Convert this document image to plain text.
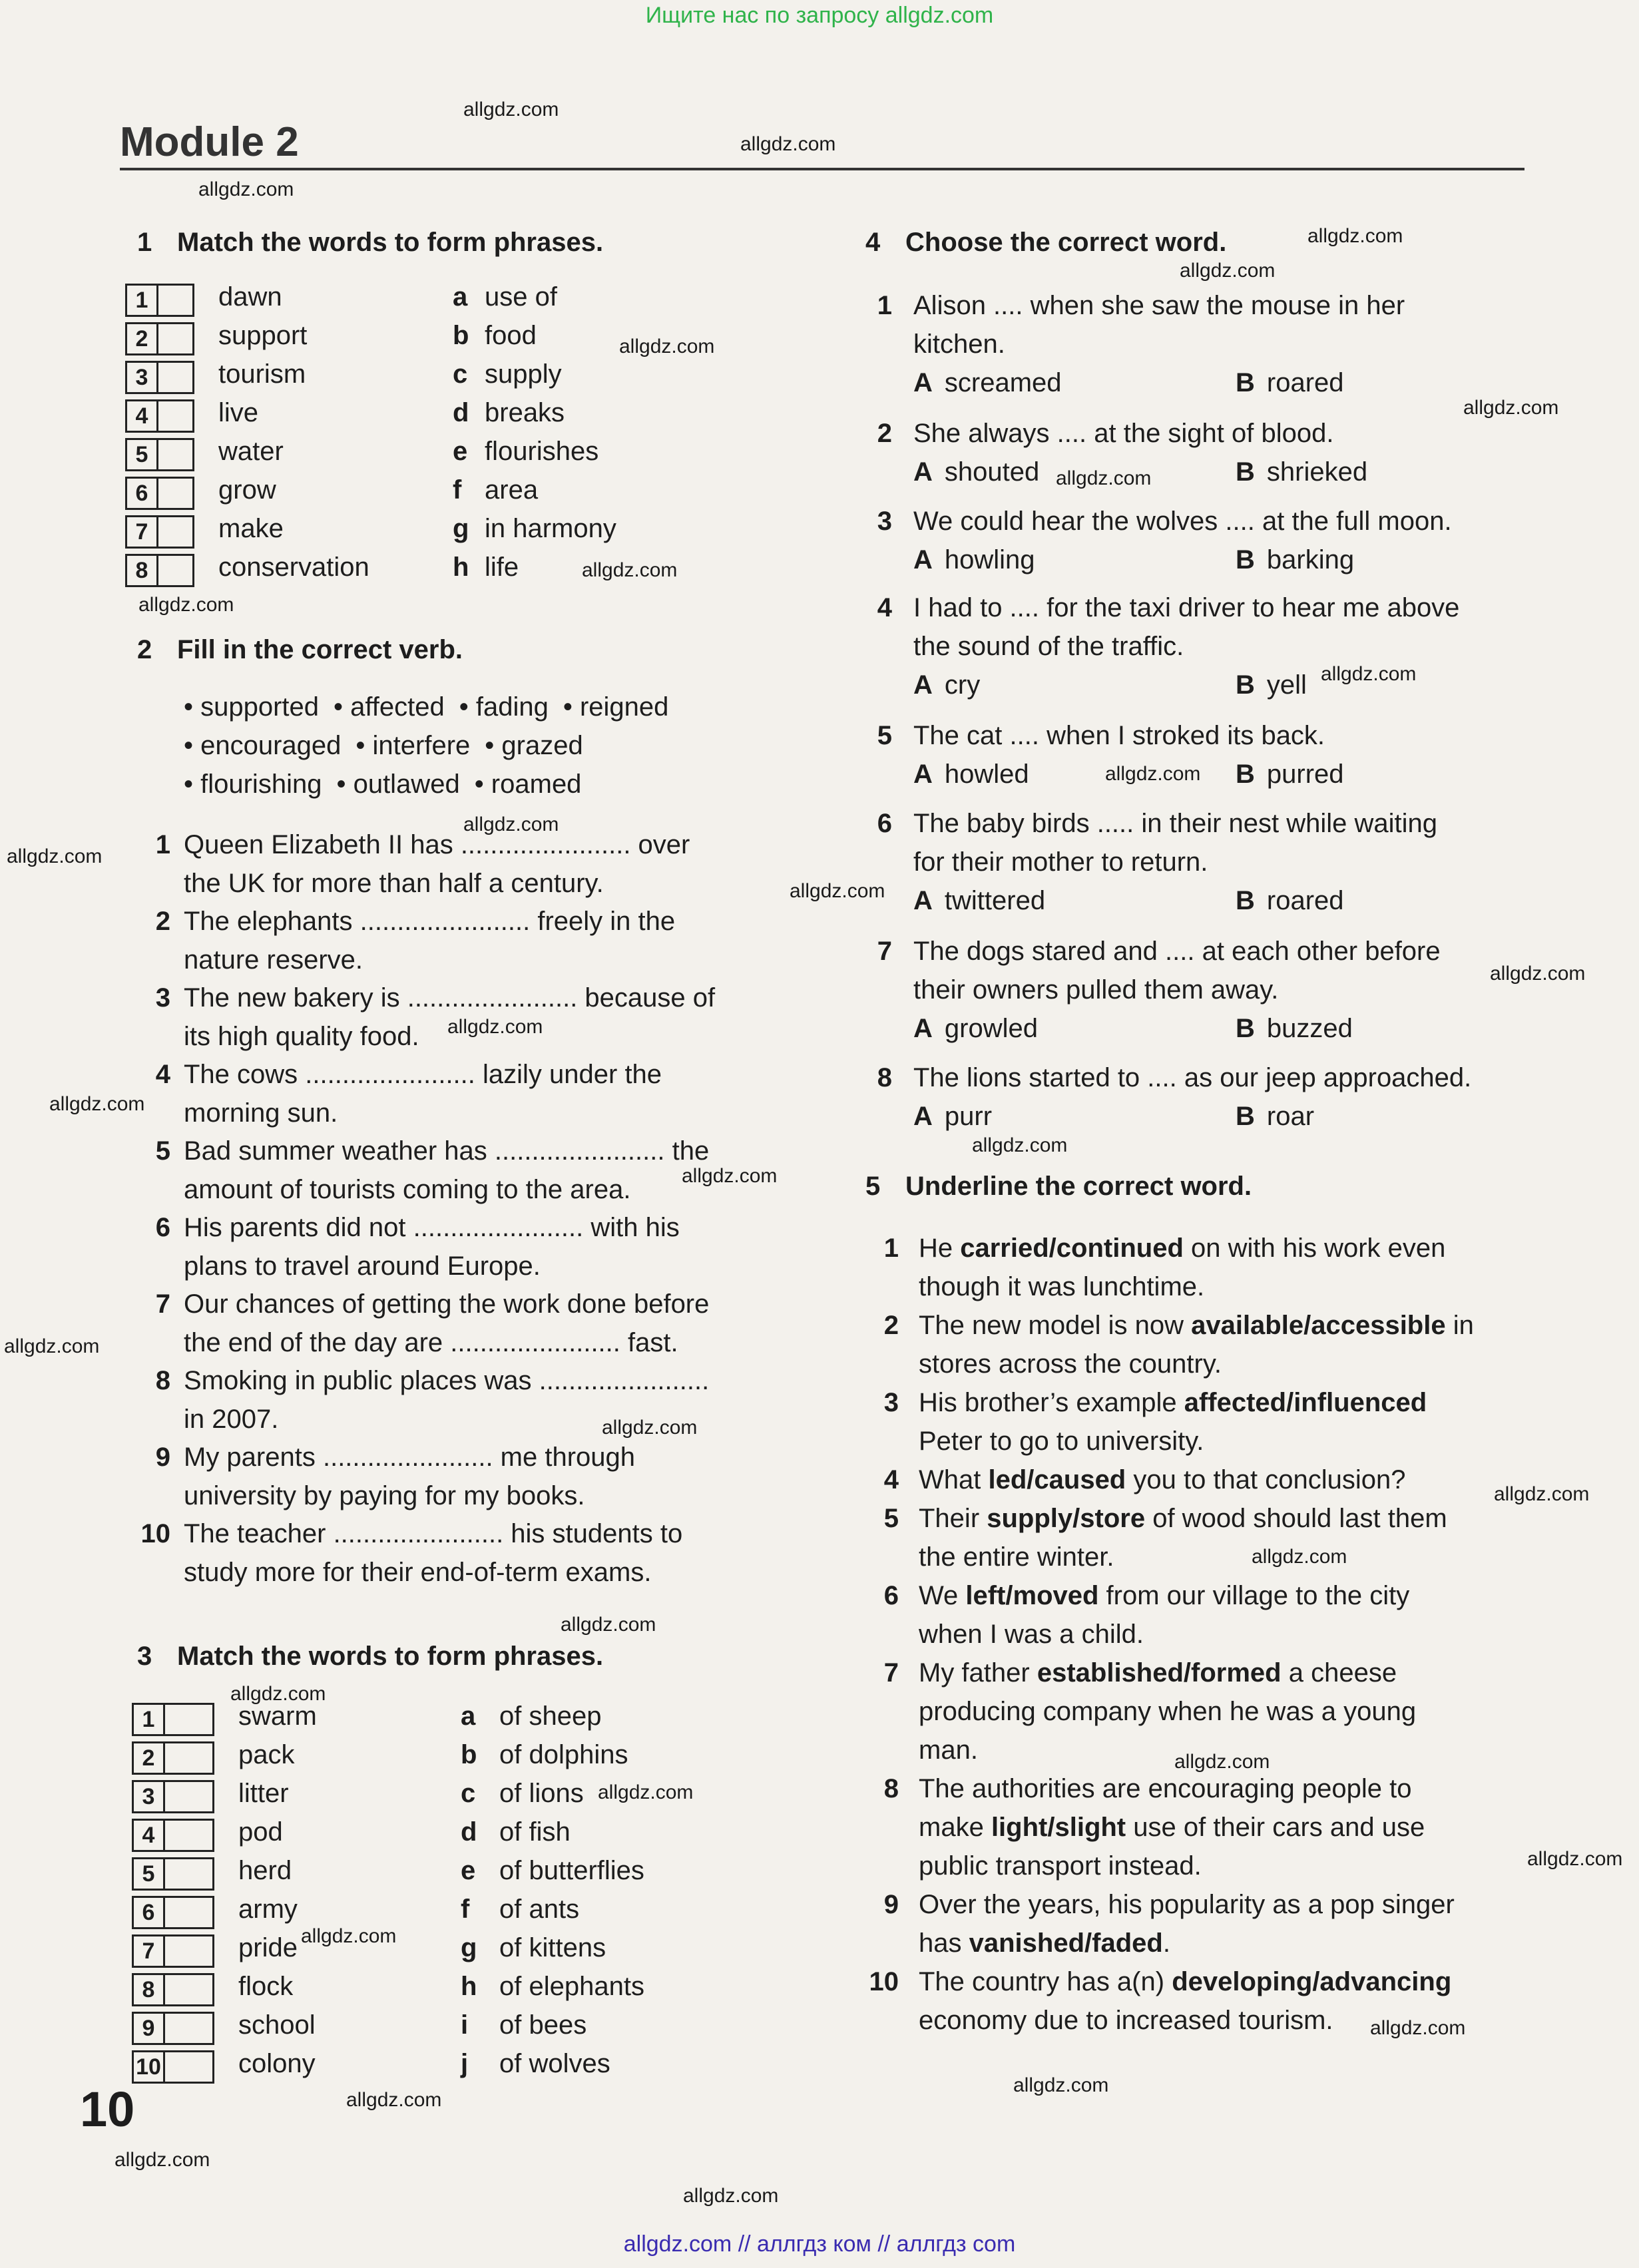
Ищите нас по запросу allgdz.com
Module 2
1 Match the words to form phrases.
1	dawn	a use of
2	support	b food
3	tourism	c supply
4	live	d breaks
5	water	e flourishes
6	grow	f area
7	make	g in harmony
8	conservation	h life
2 Fill in the correct verb.
• supported • affected • fading • reigned
• encouraged • interfere • grazed
• flourishing • outlawed • roamed
1 Queen Elizabeth II has ....................... over
the UK for more than half a century.
2 The elephants ....................... freely in the
nature reserve.
3 The new bakery is ....................... because of
its high quality food.
4 The cows ....................... lazily under the
morning sun.
5 Bad summer weather has ....................... the
amount of tourists coming to the area.
6 His parents did not ....................... with his
plans to travel around Europe.
7 Our chances of getting the work done before
the end of the day are ....................... fast.
8 Smoking in public places was .......................
in 2007.
9 My parents ....................... me through
university by paying for my books.
10 The teacher ....................... his students to
study more for their end-of-term exams.
3 Match the words to form phrases.
1	swarm	a of sheep
2	pack	b of dolphins
3	litter	c of lions
4	pod	d of fish
5	herd	e of butterflies
6	army	f of ants
7	pride	g of kittens
8	flock	h of elephants
9	school	i of bees
10	colony	j of wolves
4 Choose the correct word.
1 Alison .... when she saw the mouse in her
kitchen.
A screamed	B roared
2 She always .... at the sight of blood.
A shouted	B shrieked
3 We could hear the wolves .... at the full moon.
A howling	B barking
4 I had to .... for the taxi driver to hear me above
the sound of the traffic.
A cry	B yell
5 The cat .... when I stroked its back.
A howled	B purred
6 The baby birds ..... in their nest while waiting
for their mother to return.
A twittered	B roared
7 The dogs stared and .... at each other before
their owners pulled them away.
A growled	B buzzed
8 The lions started to .... as our jeep approached.
A purr	B roar
5 Underline the correct word.
1 He carried/continued on with his work even
though it was lunchtime.
2 The new model is now available/accessible in
stores across the country.
3 His brother’s example affected/influenced
Peter to go to university.
4 What led/caused you to that conclusion?
5 Their supply/store of wood should last them
the entire winter.
6 We left/moved from our village to the city
when I was a child.
7 My father established/formed a cheese
producing company when he was a young
man.
8 The authorities are encouraging people to
make light/slight use of their cars and use
public transport instead.
9 Over the years, his popularity as a pop singer
has vanished/faded.
10 The country has a(n) developing/advancing
economy due to increased tourism.
10
allgdz.com
allgdz.com
allgdz.com
allgdz.com
allgdz.com
allgdz.com
allgdz.com
allgdz.com
allgdz.com
allgdz.com
allgdz.com
allgdz.com
allgdz.com
allgdz.com
allgdz.com
allgdz.com
allgdz.com
allgdz.com
allgdz.com
allgdz.com
allgdz.com
allgdz.com
allgdz.com
allgdz.com
allgdz.com
allgdz.com
allgdz.com
allgdz.com
allgdz.com
allgdz.com
allgdz.com
allgdz.com
allgdz.com
allgdz.com
allgdz.com
allgdz.com // аллгдз ком // аллгдз com
